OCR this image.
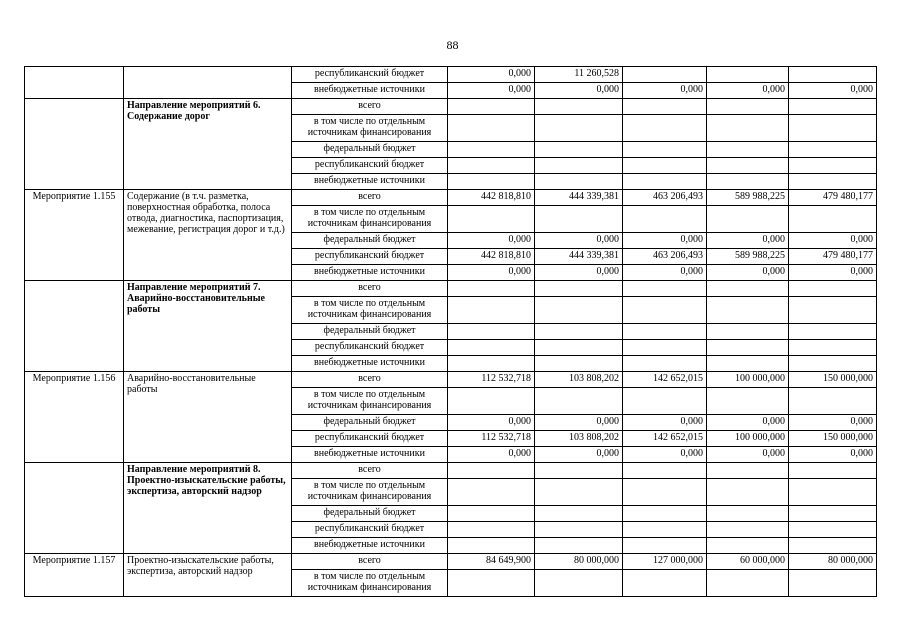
88
		республиканский бюджет	0,000	11 260,528			
		внебюджетные источники	0,000	0,000	0,000	0,000	0,000
	Направление мероприятий 6. Содержание дорог	всего					
		в том числе по отдельным источникам финансирования					
		федеральный бюджет					
		республиканский бюджет					
		внебюджетные источники					
Мероприятие 1.155	Содержание (в т.ч. разметка, поверхностная обработка, полоса отвода, диагностика, паспортизация, межевание, регистрация дорог и т.д.)	всего	442 818,810	444 339,381	463 206,493	589 988,225	479 480,177
		в том числе по отдельным источникам финансирования					
		федеральный бюджет	0,000	0,000	0,000	0,000	0,000
		республиканский бюджет	442 818,810	444 339,381	463 206,493	589 988,225	479 480,177
		внебюджетные источники	0,000	0,000	0,000	0,000	0,000
	Направление мероприятий 7. Аварийно-восстановительные работы	всего					
		в том числе по отдельным источникам финансирования					
		федеральный бюджет					
		республиканский бюджет					
		внебюджетные источники					
Мероприятие 1.156	Аварийно-восстановительные работы	всего	112 532,718	103 808,202	142 652,015	100 000,000	150 000,000
		в том числе по отдельным источникам финансирования					
		федеральный бюджет	0,000	0,000	0,000	0,000	0,000
		республиканский бюджет	112 532,718	103 808,202	142 652,015	100 000,000	150 000,000
		внебюджетные источники	0,000	0,000	0,000	0,000	0,000
	Направление мероприятий 8. Проектно-изыскательские работы, экспертиза, авторский надзор	всего					
		в том числе по отдельным источникам финансирования					
		федеральный бюджет					
		республиканский бюджет					
		внебюджетные источники					
Мероприятие 1.157	Проектно-изыскательские работы, экспертиза, авторский надзор	всего	84 649,900	80 000,000	127 000,000	60 000,000	80 000,000
		в том числе по отдельным источникам финансирования					
